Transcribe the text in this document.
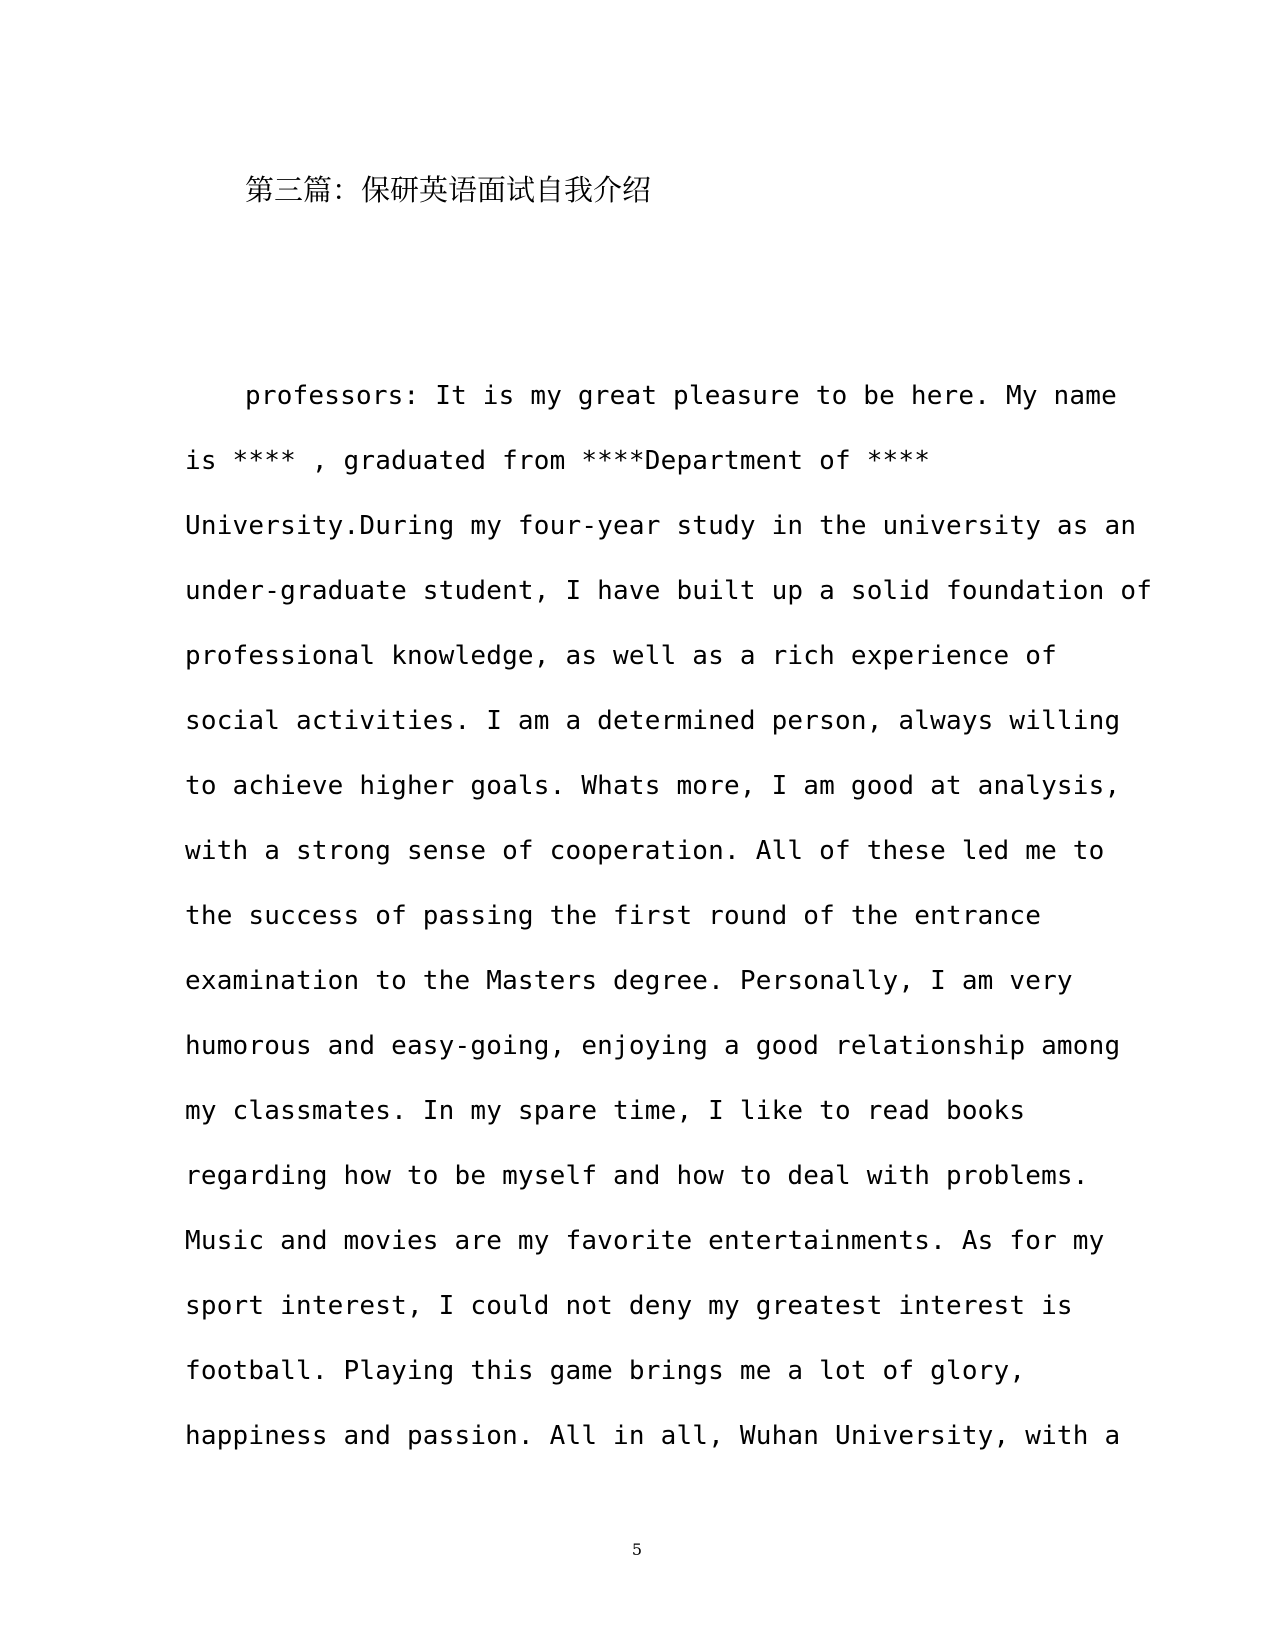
第三篇：保研英语面试自我介绍
professors: It is my great pleasure to be here. My name
is **** , graduated from ****Department of ****
University.During my four-year study in the university as an
under-graduate student, I have built up a solid foundation of
professional knowledge, as well as a rich experience of
social activities. I am a determined person, always willing
to achieve higher goals. Whats more, I am good at analysis,
with a strong sense of cooperation. All of these led me to
the success of passing the first round of the entrance
examination to the Masters degree. Personally, I am very
humorous and easy-going, enjoying a good relationship among
my classmates. In my spare time, I like to read books
regarding how to be myself and how to deal with problems.
Music and movies are my favorite entertainments. As for my
sport interest, I could not deny my greatest interest is
football. Playing this game brings me a lot of glory,
happiness and passion. All in all, Wuhan University, with a
5
